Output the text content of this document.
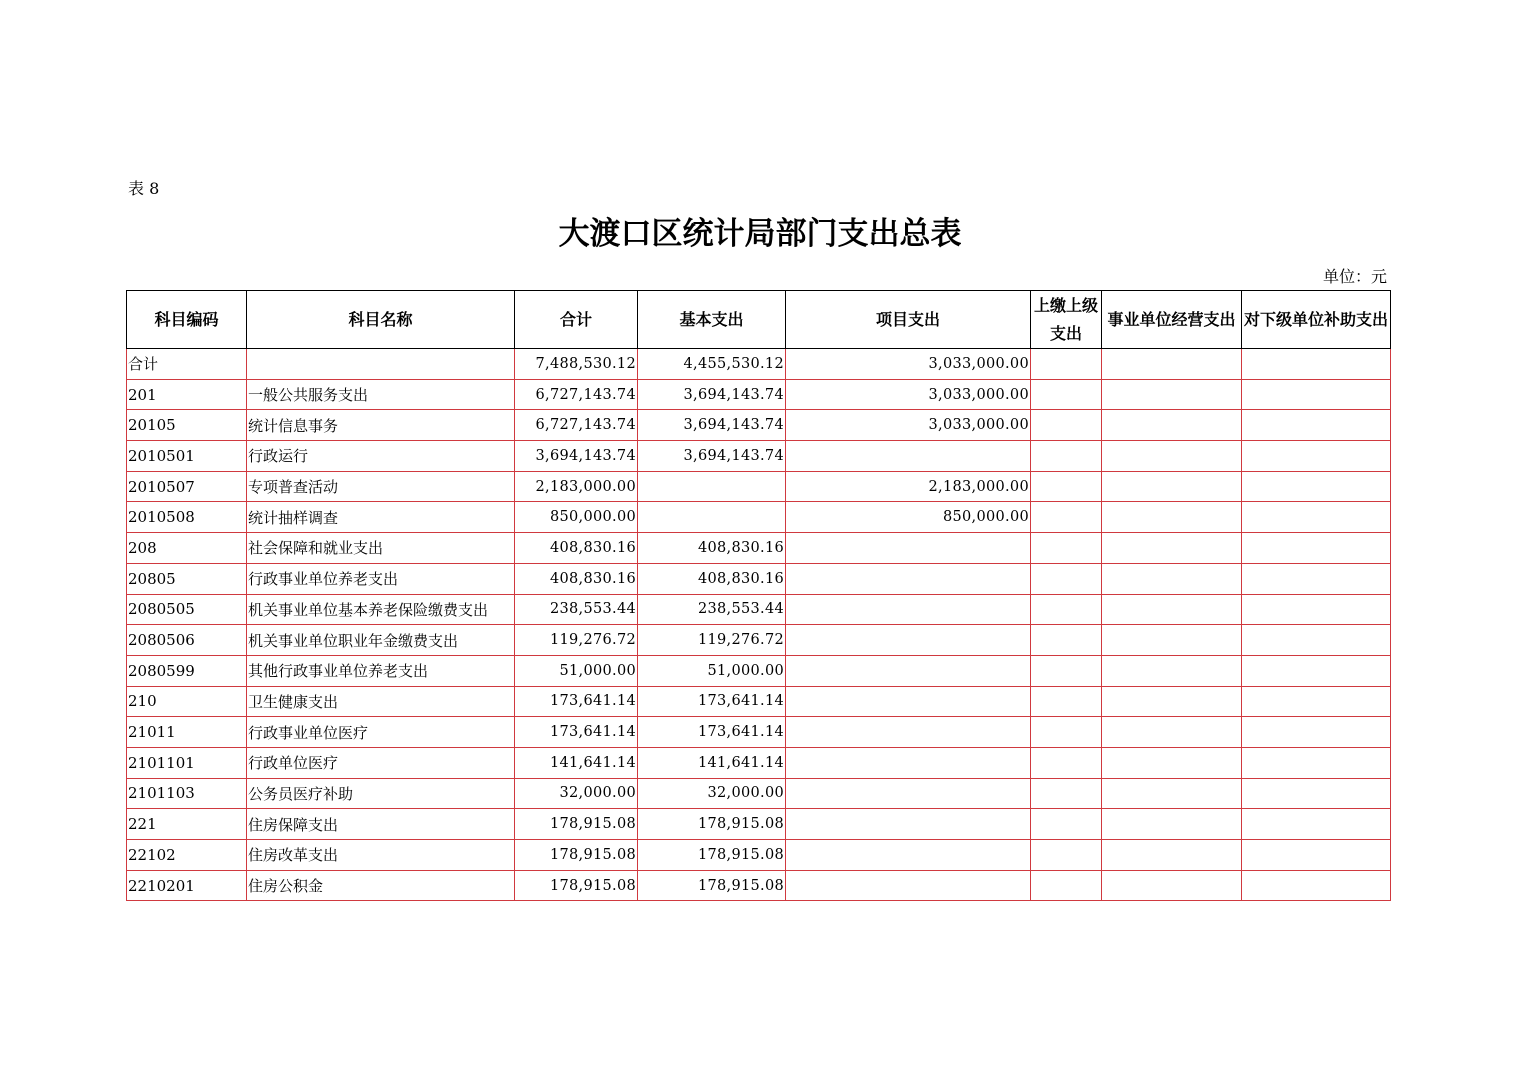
表 8
大渡口区统计局部门支出总表
单位：元
科目编码	科目名称	合计	基本支出	项目支出	上缴上级支出	事业单位经营支出	对下级单位补助支出
合计		7,488,530.12	4,455,530.12	3,033,000.00			
201	一般公共服务支出	6,727,143.74	3,694,143.74	3,033,000.00			
20105	统计信息事务	6,727,143.74	3,694,143.74	3,033,000.00			
2010501	行政运行	3,694,143.74	3,694,143.74				
2010507	专项普查活动	2,183,000.00		2,183,000.00			
2010508	统计抽样调查	850,000.00		850,000.00			
208	社会保障和就业支出	408,830.16	408,830.16				
20805	行政事业单位养老支出	408,830.16	408,830.16				
2080505	机关事业单位基本养老保险缴费支出	238,553.44	238,553.44				
2080506	机关事业单位职业年金缴费支出	119,276.72	119,276.72				
2080599	其他行政事业单位养老支出	51,000.00	51,000.00				
210	卫生健康支出	173,641.14	173,641.14				
21011	行政事业单位医疗	173,641.14	173,641.14				
2101101	行政单位医疗	141,641.14	141,641.14				
2101103	公务员医疗补助	32,000.00	32,000.00				
221	住房保障支出	178,915.08	178,915.08				
22102	住房改革支出	178,915.08	178,915.08				
2210201	住房公积金	178,915.08	178,915.08				
